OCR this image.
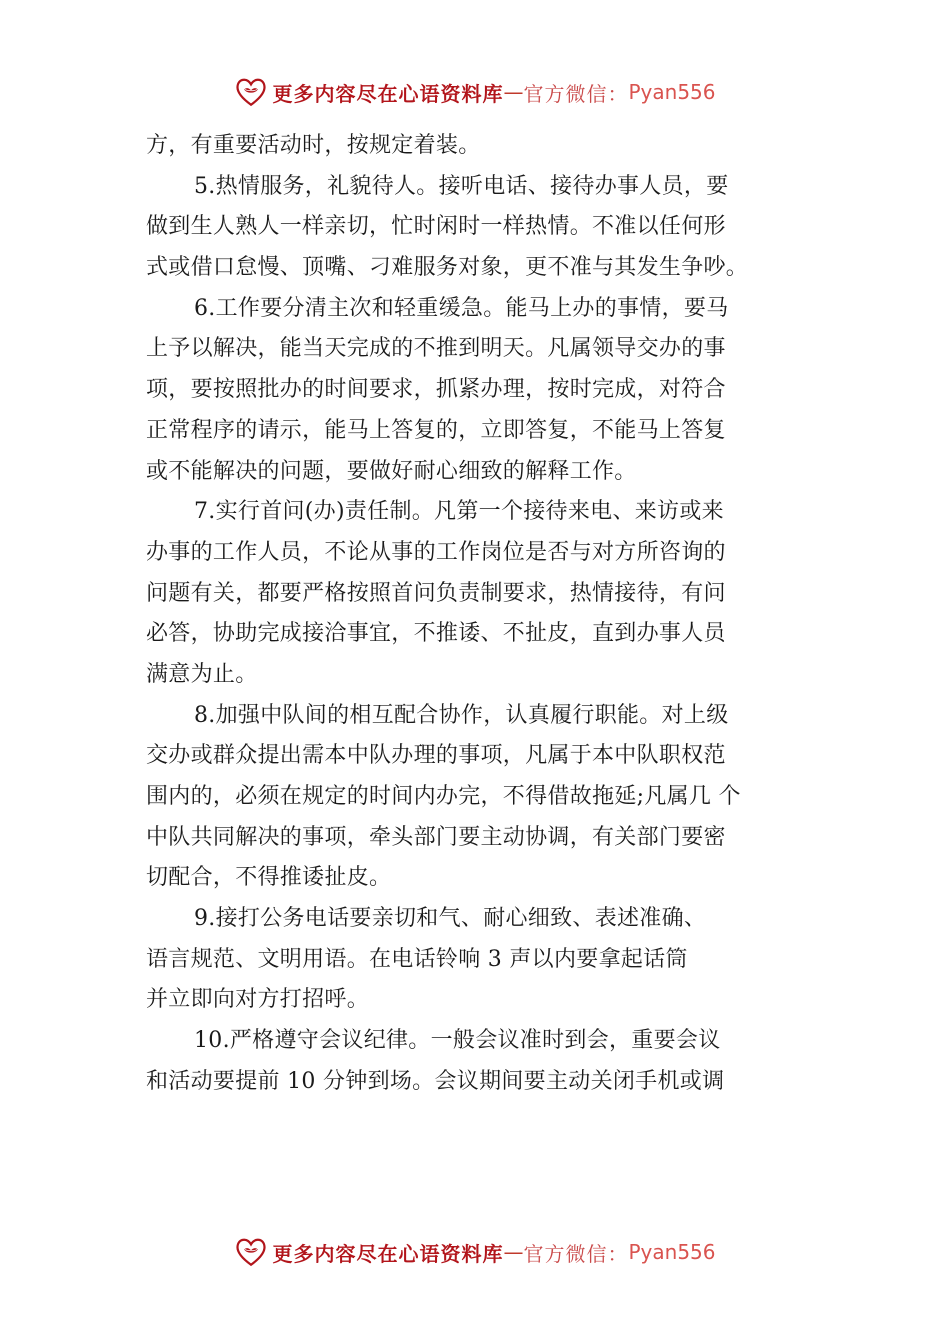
更多内容尽在心语资料库 — 官方微信： Pyan556
方，有重要活动时，按规定着装。
5.热情服务，礼貌待人。接听电话、接待办事人员，要
做到生人熟人一样亲切，忙时闲时一样热情。不准以任何形
式或借口怠慢、顶嘴、刁难服务对象，更不准与其发生争吵。
6.工作要分清主次和轻重缓急。能马上办的事情，要马
上予以解决，能当天完成的不推到明天。凡属领导交办的事
项，要按照批办的时间要求，抓紧办理，按时完成，对符合
正常程序的请示，能马上答复的，立即答复，不能马上答复
或不能解决的问题，要做好耐心细致的解释工作。
7.实行首问(办)责任制。凡第一个接待来电、来访或来
办事的工作人员，不论从事的工作岗位是否与对方所咨询的
问题有关，都要严格按照首问负责制要求，热情接待，有问
必答，协助完成接洽事宜，不推诿、不扯皮，直到办事人员
满意为止。
8.加强中队间的相互配合协作，认真履行职能。对上级
交办或群众提出需本中队办理的事项，凡属于本中队职权范
围内的，必须在规定的时间内办完，不得借故拖延;凡属几 个
中队共同解决的事项，牵头部门要主动协调，有关部门要密
切配合，不得推诿扯皮。
9.接打公务电话要亲切和气、耐心细致、表述准确、
语言规范、文明用语。在电话铃响 3 声以内要拿起话筒
并立即向对方打招呼。
10.严格遵守会议纪律。一般会议准时到会，重要会议
和活动要提前 10 分钟到场。会议期间要主动关闭手机或调
更多内容尽在心语资料库 — 官方微信： Pyan556
